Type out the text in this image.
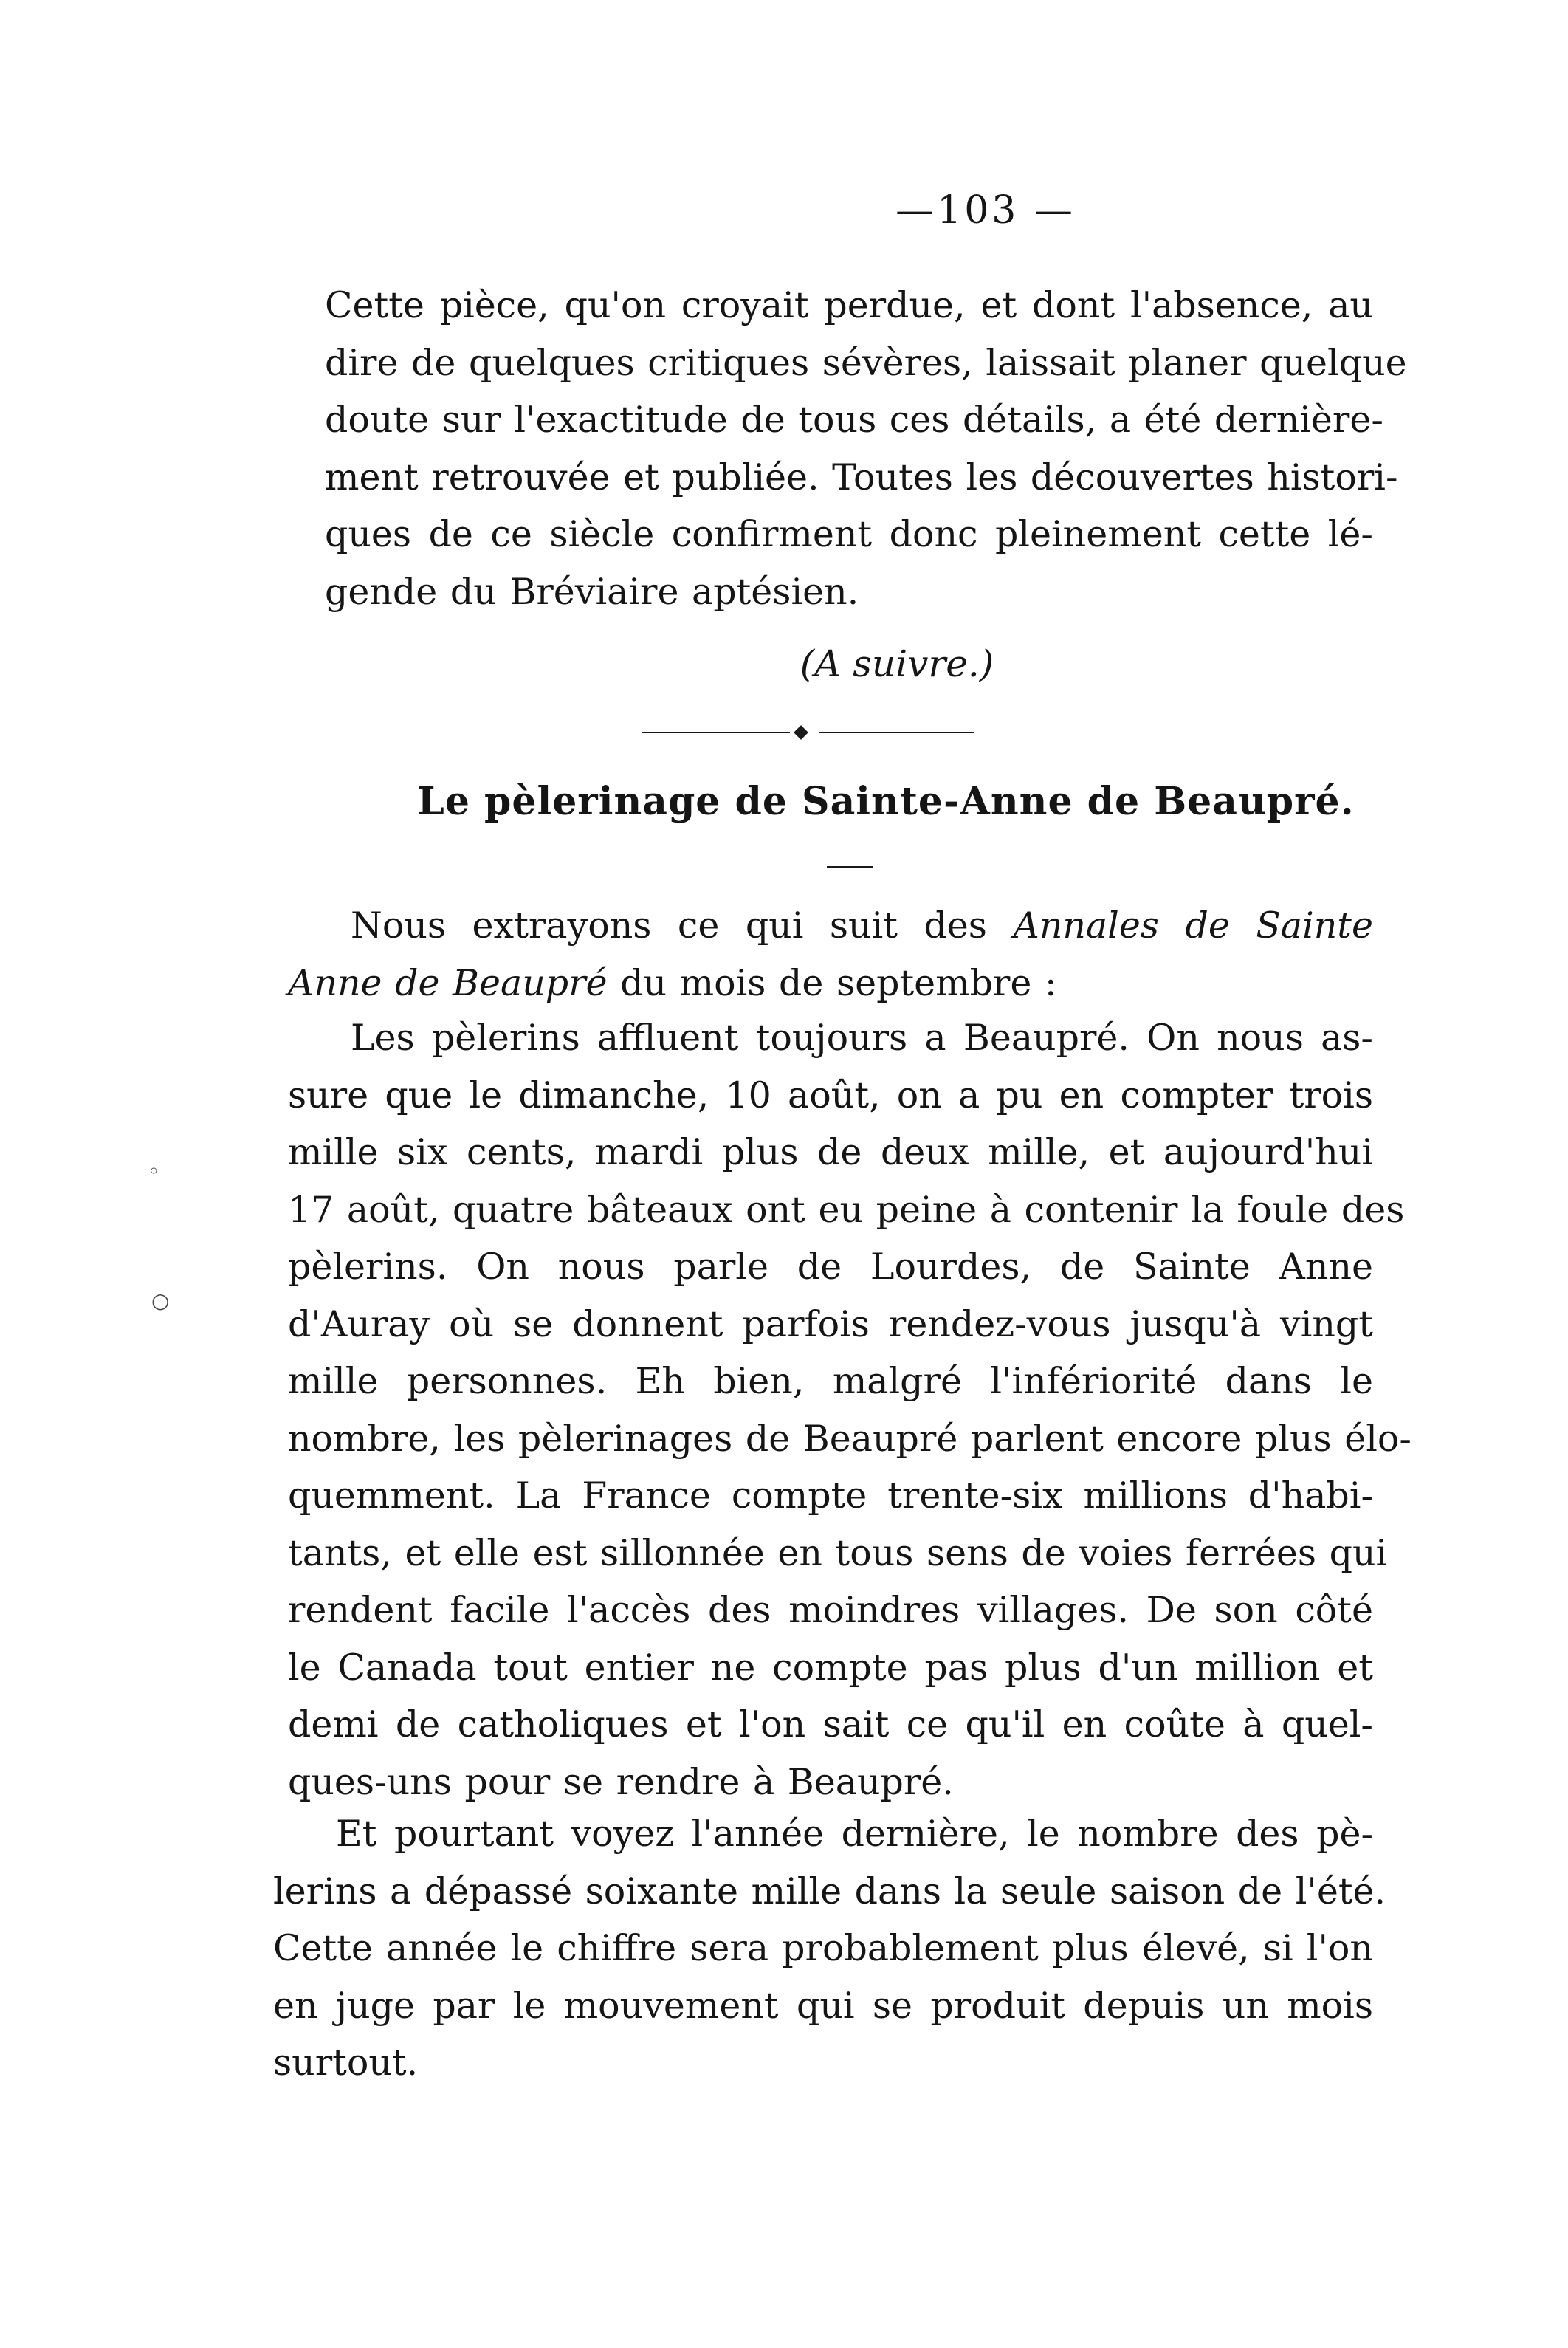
—103 —
Cette pièce, qu'on croyait perdue, et dont l'absence, au
dire de quelques critiques sévères, laissait planer quelque
doute sur l'exactitude de tous ces détails, a été dernière-
ment retrouvée et publiée. Toutes les découvertes histori-
ques de ce siècle confirment donc pleinement cette lé-
gende du Bréviaire aptésien.
(A suivre.)
Le pèlerinage de Sainte-Anne de Beaupré.
Nous extrayons ce qui suit des Annales de Sainte
Anne de Beaupré du mois de septembre :
Les pèlerins affluent toujours a Beaupré. On nous as-
sure que le dimanche, 10 août, on a pu en compter trois
mille six cents, mardi plus de deux mille, et aujourd'hui
17 août, quatre bâteaux ont eu peine à contenir la foule des
pèlerins. On nous parle de Lourdes, de Sainte Anne
d'Auray où se donnent parfois rendez-vous jusqu'à vingt
mille personnes. Eh bien, malgré l'infériorité dans le
nombre, les pèlerinages de Beaupré parlent encore plus élo-
quemment. La France compte trente-six millions d'habi-
tants, et elle est sillonnée en tous sens de voies ferrées qui
rendent facile l'accès des moindres villages. De son côté
le Canada tout entier ne compte pas plus d'un million et
demi de catholiques et l'on sait ce qu'il en coûte à quel-
ques-uns pour se rendre à Beaupré.
Et pourtant voyez l'année dernière, le nombre des pè-
lerins a dépassé soixante mille dans la seule saison de l'été.
Cette année le chiffre sera probablement plus élevé, si l'on
en juge par le mouvement qui se produit depuis un mois
surtout.
◦
○
